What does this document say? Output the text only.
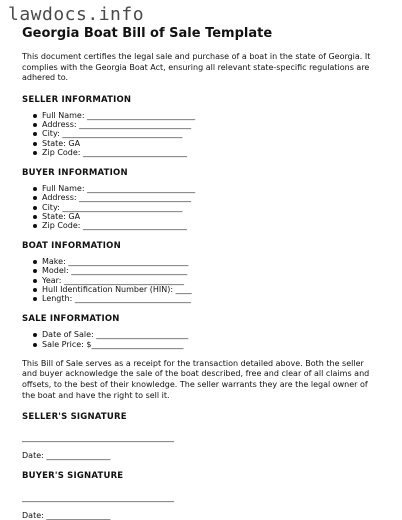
lawdocs.info
Georgia Boat Bill of Sale Template

This document certifies the legal sale and purchase of a boat in the state of Georgia. It complies with the Georgia Boat Act, ensuring all relevant state-specific regulations are adhered to.

SELLER INFORMATION
Full Name: ___________________________
Address: ____________________________
City: ______________________________
State: GA
Zip Code: __________________________
BUYER INFORMATION
Full Name: ___________________________
Address: ____________________________
City: ______________________________
State: GA
Zip Code: __________________________
BOAT INFORMATION
Make: ______________________________
Model: _____________________________
Year: ______________________________
Hull Identification Number (HIN): ____
Length: _____________________________
SALE INFORMATION
Date of Sale: _______________________
Sale Price: $_______________________

This Bill of Sale serves as a receipt for the transaction detailed above. Both the seller and buyer acknowledge the sale of the boat described, free and clear of all claims and offsets, to the best of their knowledge. The seller warrants they are the legal owner of the boat and have the right to sell it.

SELLER'S SIGNATURE
______________________________________
Date: ________________
BUYER'S SIGNATURE
______________________________________
Date: ________________
